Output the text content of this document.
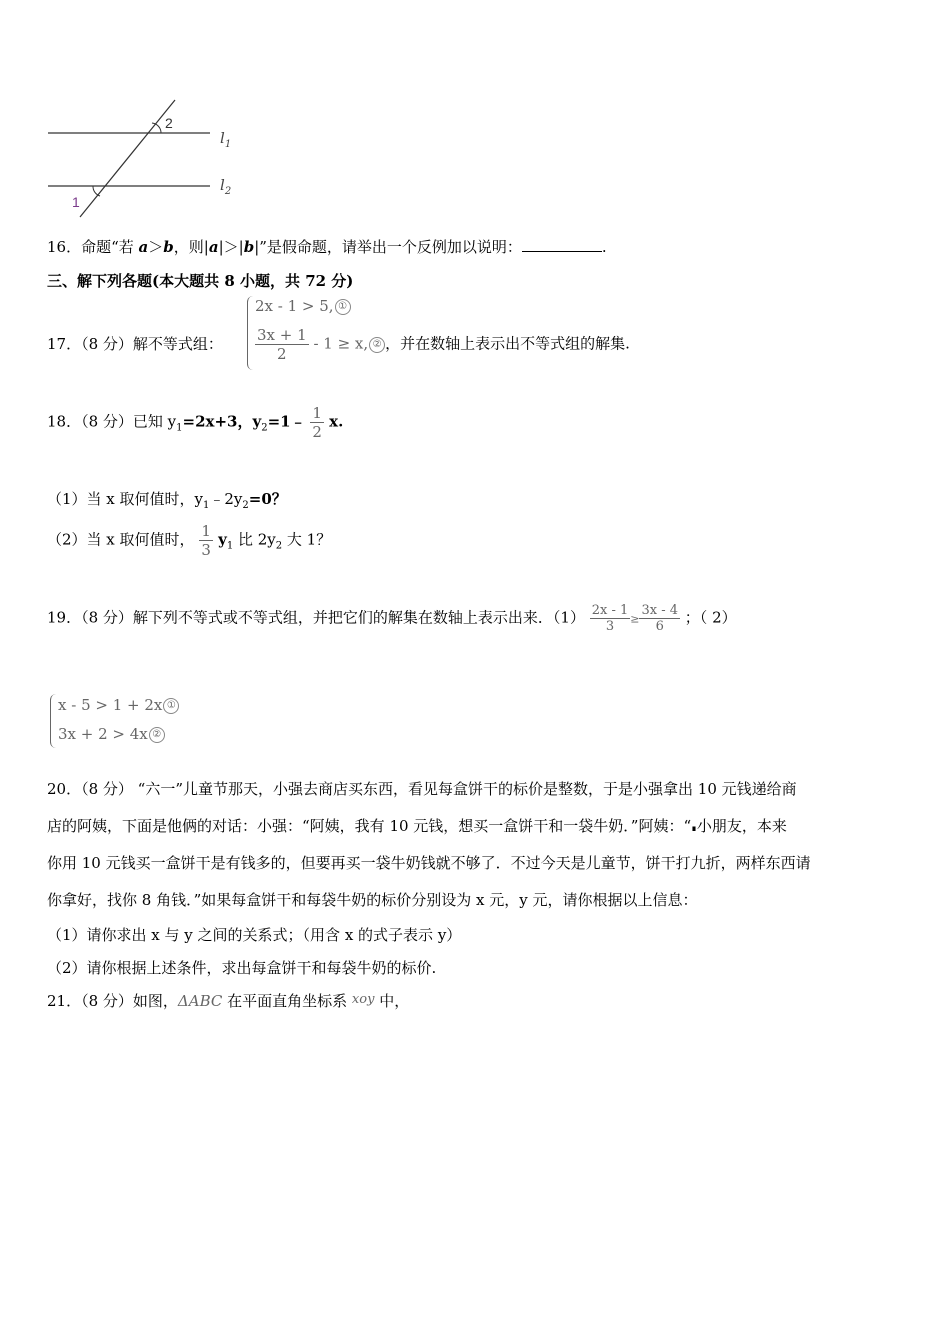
2
1
$l_1$
$l_2$
16．命题“若 a＞b，则|a|＞|b|”是假命题，请举出一个反例加以说明：	.
三、解下列各题(本大题共 8 小题，共 72 分)
2x - 1 > 5, ①
17．（8 分）解不等式组： $\frac{3x + 1}{2} - 1 \ge x$, ② ，并在数轴上表示出不等式组的解集.
18．（8 分）已知 $y_1=2x+3$，$y_2=1﹣ \frac{1}{2} x$.
（1）当 x 取何值时，$y_1﹣2y_2=0$？
（2）当 x 取何值时， $\frac{1}{3} y_1$ 比 $2y_2$ 大 1？
19．（8 分）解下列不等式或不等式组，并把它们的解集在数轴上表示出来．$(1) \frac{2x - 1}{3} \ge \frac{3x - 4}{6}$ ；（ 2）
x - 5 > 1 + 2x ①
3x + 2 > 4x ②
20．（8 分） “六一”儿童节那天，小强去商店买东西，看见每盒饼干的标价是整数，于是小强拿出 10 元钱递给商
店的阿姨，下面是他俩的对话：小强：“阿姨，我有 10 元钱，想买一盒饼干和一袋牛奶．”阿姨：“∎小朋友，本来
你用 10 元钱买一盒饼干是有钱多的，但要再买一袋牛奶钱就不够了．不过今天是儿童节，饼干打九折，两样东西请
你拿好，找你 8 角钱．”如果每盒饼干和每袋牛奶的标价分别设为 x 元，y 元，请你根据以上信息：
（1）请你求出 x 与 y 之间的关系式；（用含 x 的式子表示 y）
（2）请你根据上述条件，求出每盒饼干和每袋牛奶的标价.
21．（8 分）如图，ΔABC 在平面直角坐标系 xoy 中，
